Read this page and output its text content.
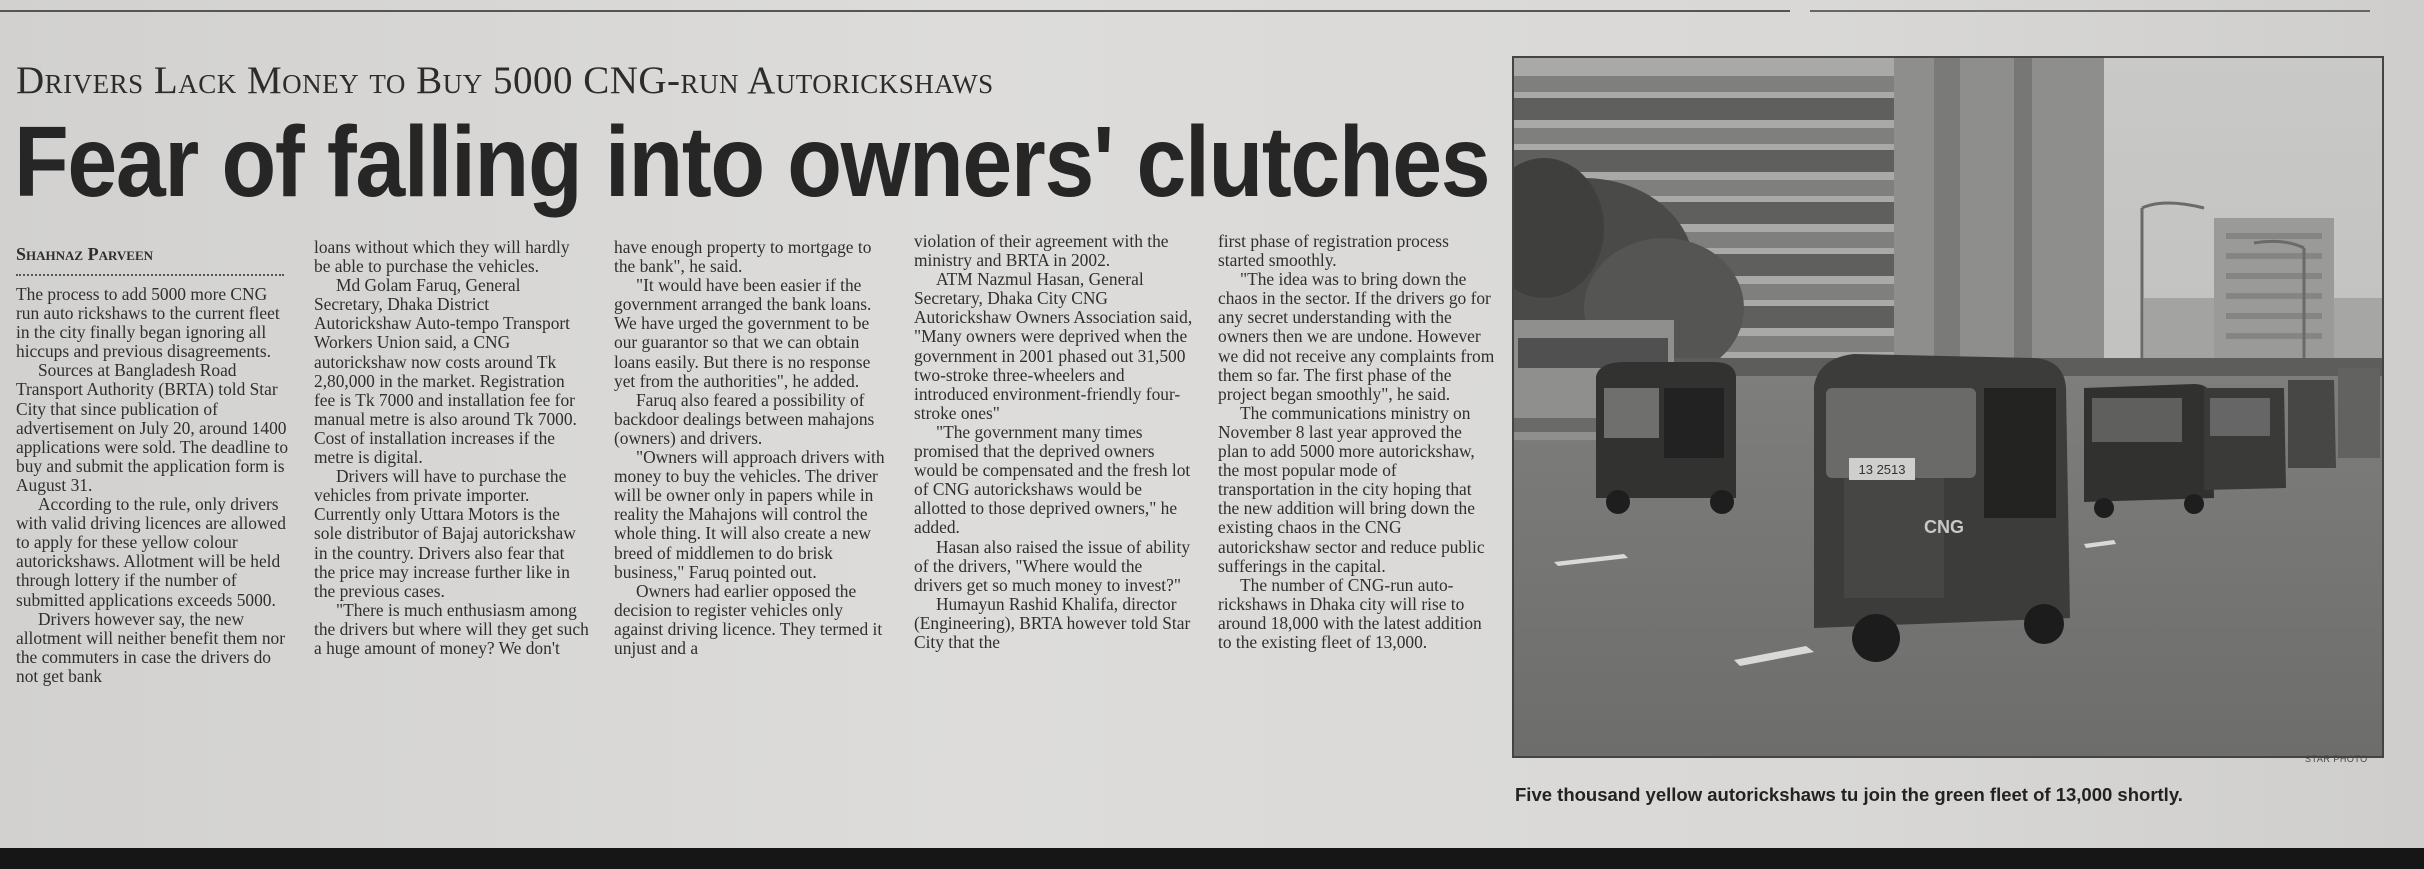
Drivers Lack Money to Buy 5000 CNG-run Autorickshaws
Fear of falling into owners' clutches
Shahnaz Parveen

The process to add 5000 more CNG run auto rickshaws to the current fleet in the city finally began ignoring all hiccups and previous disagreements.

Sources at Bangladesh Road Transport Authority (BRTA) told Star City that since publication of advertisement on July 20, around 1400 applications were sold. The deadline to buy and submit the application form is August 31.

According to the rule, only drivers with valid driving licences are allowed to apply for these yellow colour autorickshaws. Allotment will be held through lottery if the number of submitted applications exceeds 5000.

Drivers however say, the new allotment will neither benefit them nor the commuters in case the drivers do not get bank

loans without which they will hardly be able to purchase the vehicles.

Md Golam Faruq, General Secretary, Dhaka District Autorickshaw Auto-tempo Transport Workers Union said, a CNG autorickshaw now costs around Tk 2,80,000 in the market. Registration fee is Tk 7000 and installation fee for manual metre is also around Tk 7000. Cost of installation increases if the metre is digital.

Drivers will have to purchase the vehicles from private importer. Currently only Uttara Motors is the sole distributor of Bajaj autorickshaw in the country. Drivers also fear that the price may increase further like in the previous cases.

"There is much enthusiasm among the drivers but where will they get such a huge amount of money? We don't

have enough property to mortgage to the bank", he said.

"It would have been easier if the government arranged the bank loans. We have urged the government to be our guarantor so that we can obtain loans easily. But there is no response yet from the authorities", he added.

Faruq also feared a possibility of backdoor dealings between mahajons (owners) and drivers.

"Owners will approach drivers with money to buy the vehicles. The driver will be owner only in papers while in reality the Mahajons will control the whole thing. It will also create a new breed of middlemen to do brisk business," Faruq pointed out.

Owners had earlier opposed the decision to register vehicles only against driving licence. They termed it unjust and a

violation of their agreement with the ministry and BRTA in 2002.

ATM Nazmul Hasan, General Secretary, Dhaka City CNG Autorickshaw Owners Association said, "Many owners were deprived when the government in 2001 phased out 31,500 two-stroke three-wheelers and introduced environment-friendly four-stroke ones"

"The government many times promised that the deprived owners would be compensated and the fresh lot of CNG autorickshaws would be allotted to those deprived owners," he added.

Hasan also raised the issue of ability of the drivers, "Where would the drivers get so much money to invest?"

Humayun Rashid Khalifa, director (Engineering), BRTA however told Star City that the

first phase of registration process started smoothly.

"The idea was to bring down the chaos in the sector. If the drivers go for any secret understanding with the owners then we are undone. However we did not receive any complaints from them so far. The first phase of the project began smoothly", he said.

The communications ministry on November 8 last year approved the plan to add 5000 more autorickshaw, the most popular mode of transportation in the city hoping that the new addition will bring down the existing chaos in the CNG autorickshaw sector and reduce public sufferings in the capital.

The number of CNG-run auto-rickshaws in Dhaka city will rise to around 18,000 with the latest addition to the existing fleet of 13,000.

13 2513
CNG
STAR PHOTO
Five thousand yellow autorickshaws tu join the green fleet of 13,000 shortly.
